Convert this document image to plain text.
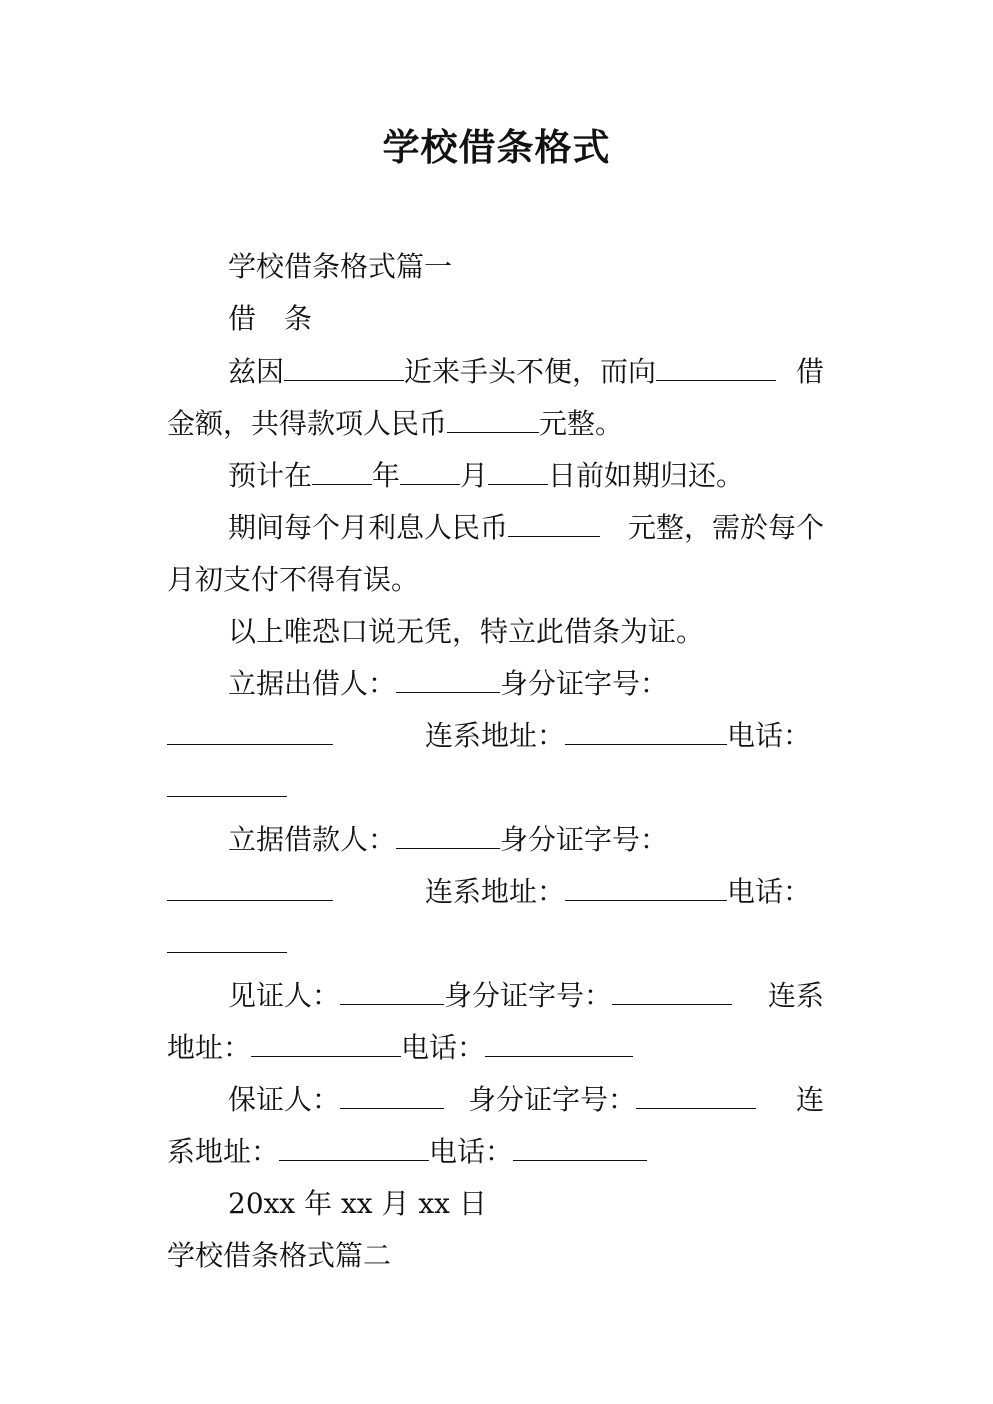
学校借条格式
学校借条格式篇一
借　条
兹因	近来手头不便，而向	借
金额，共得款项人民币	元整。
预计在 年 月 日前如期归还。
期间每个月利息人民币	元整，需於每个
月初支付不得有误。
以上唯恐口说无凭，特立此借条为证。
立据出借人：	身分证字号：
连系地址：	电话：
立据借款人：	身分证字号：
连系地址：	电话：
见证人：	身分证字号：	连系
地址：	电话：
保证人：	身分证字号：	连
系地址：	电话：
20xx 年 xx 月 xx 日
学校借条格式篇二
